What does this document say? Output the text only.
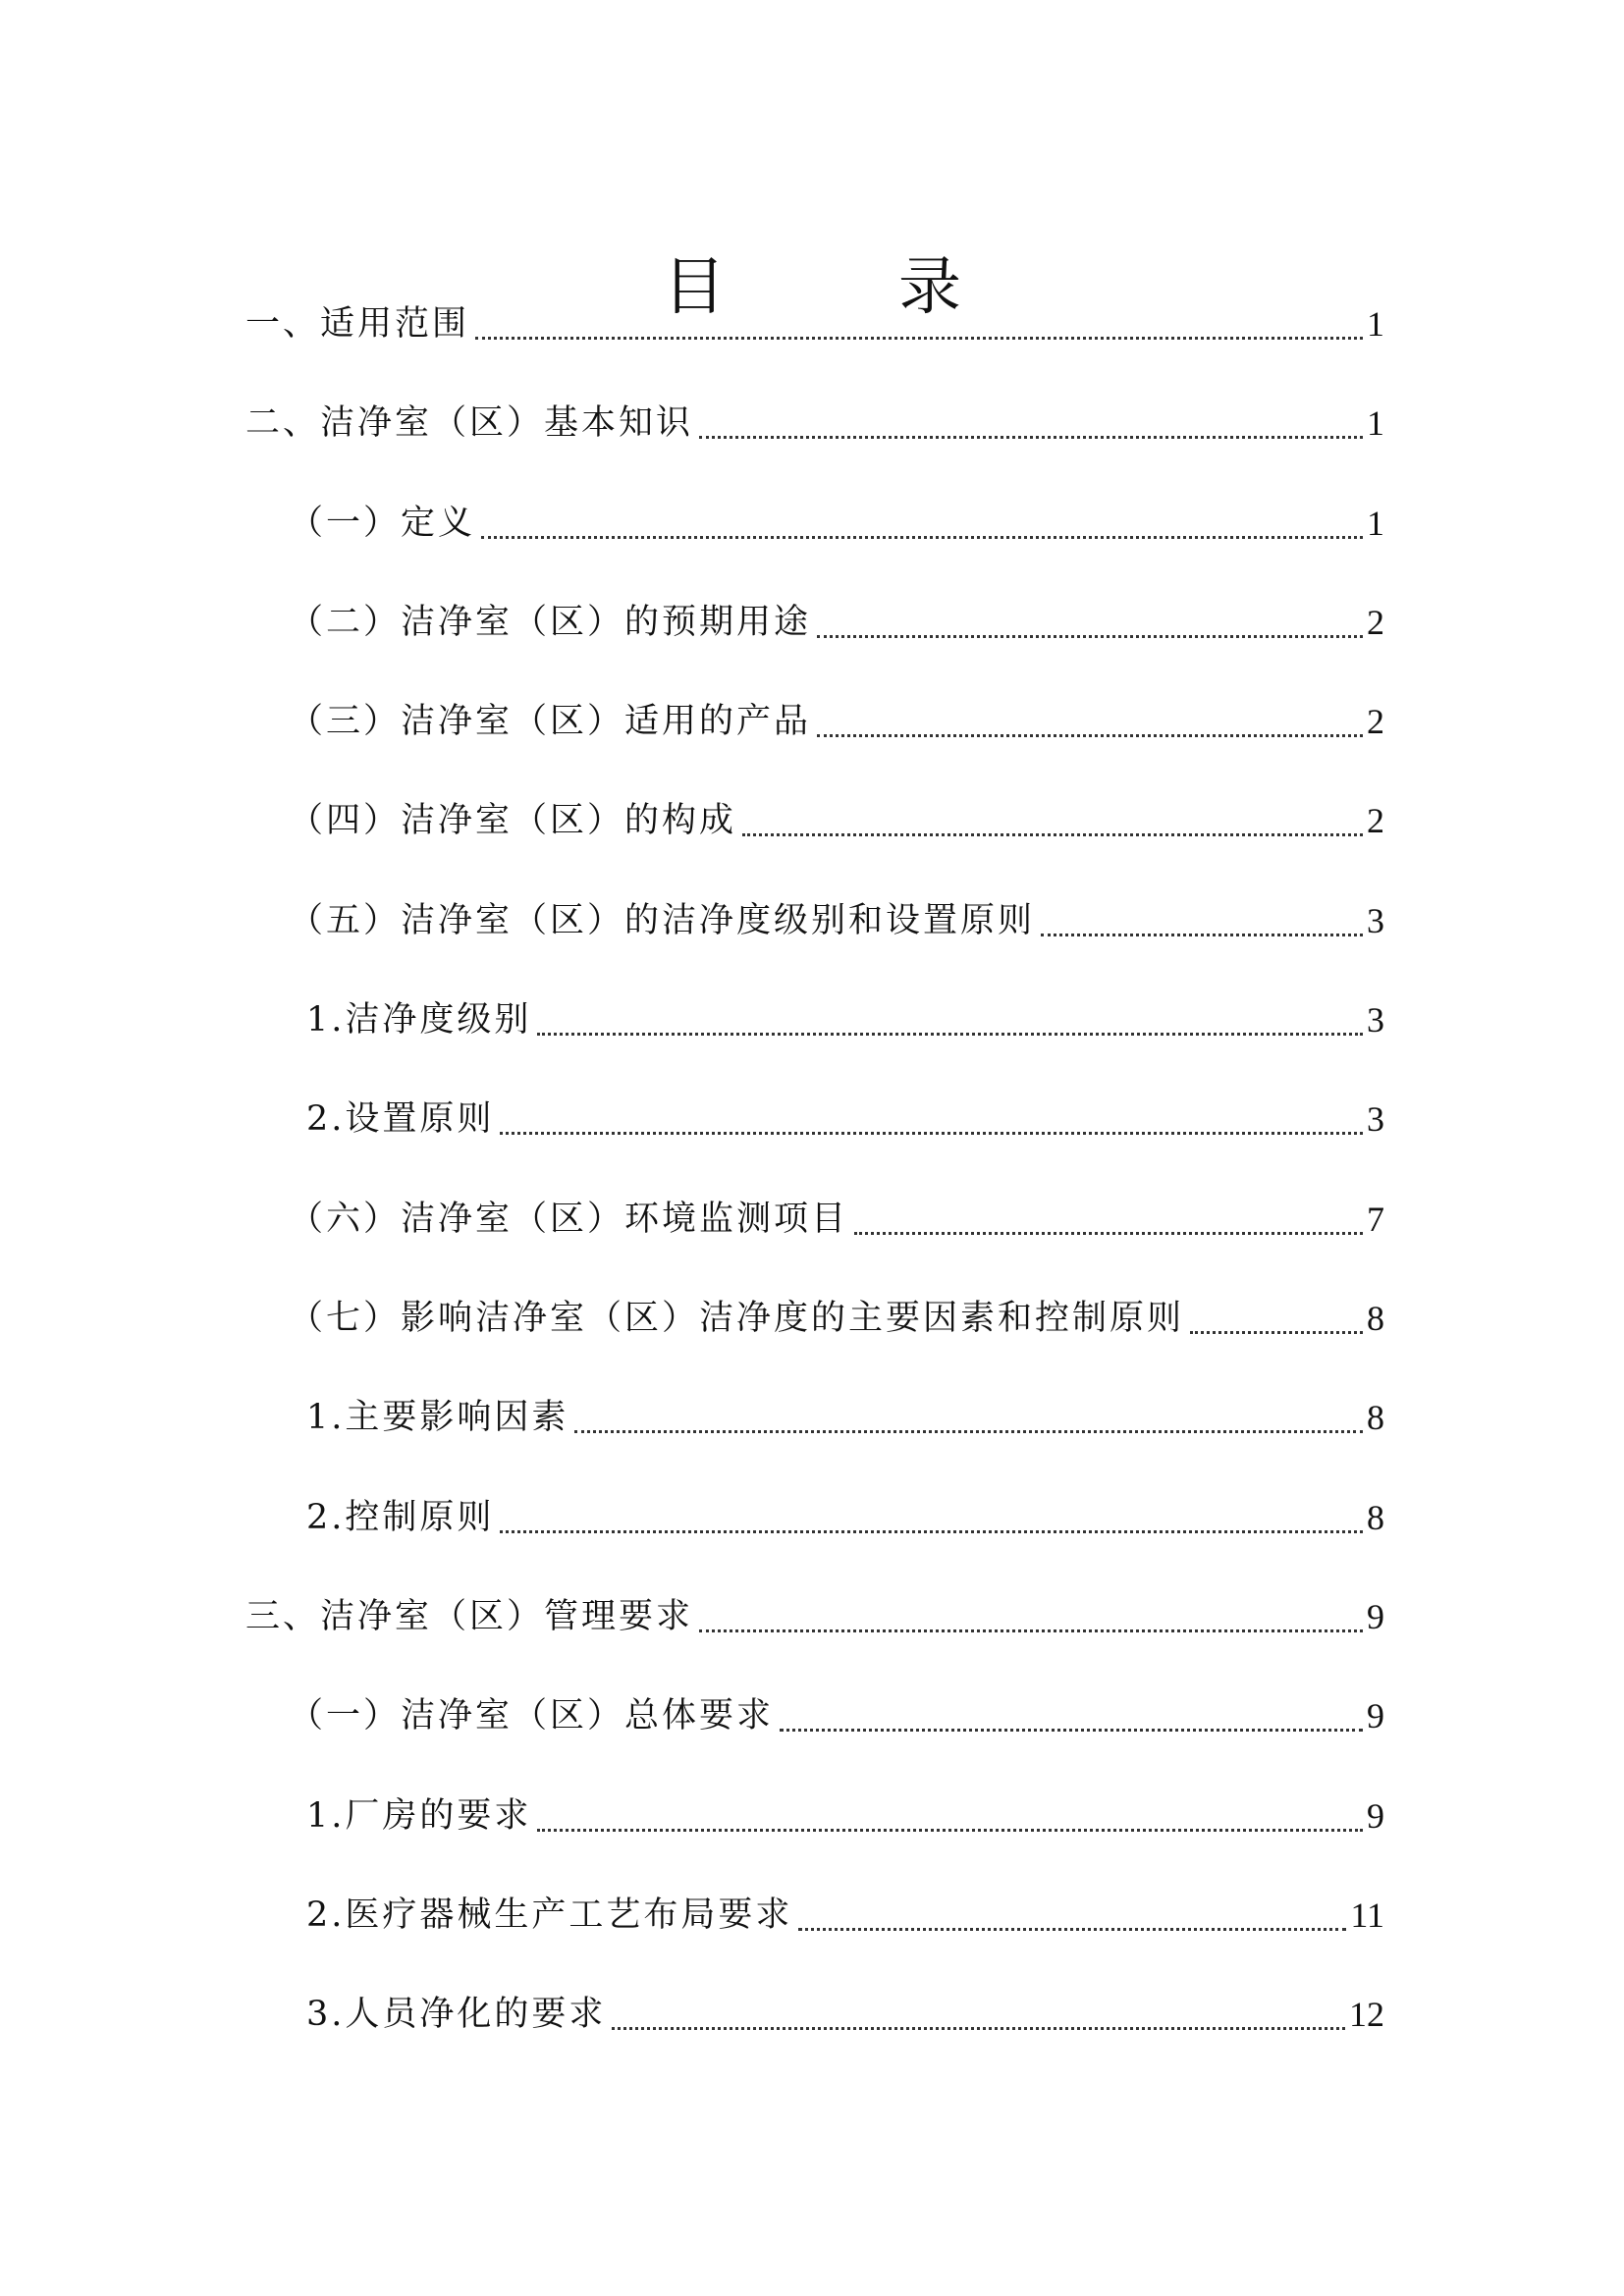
目　录
一、适用范围	1
二、洁净室（区）基本知识	1
（一）定义	1
（二）洁净室（区）的预期用途	2
（三）洁净室（区）适用的产品	2
（四）洁净室（区）的构成	2
（五）洁净室（区）的洁净度级别和设置原则	3
1.洁净度级别	3
2.设置原则	3
（六）洁净室（区）环境监测项目	7
（七）影响洁净室（区）洁净度的主要因素和控制原则	8
1.主要影响因素	8
2.控制原则	8
三、洁净室（区）管理要求	9
（一）洁净室（区）总体要求	9
1.厂房的要求	9
2.医疗器械生产工艺布局要求	11
3.人员净化的要求	12
